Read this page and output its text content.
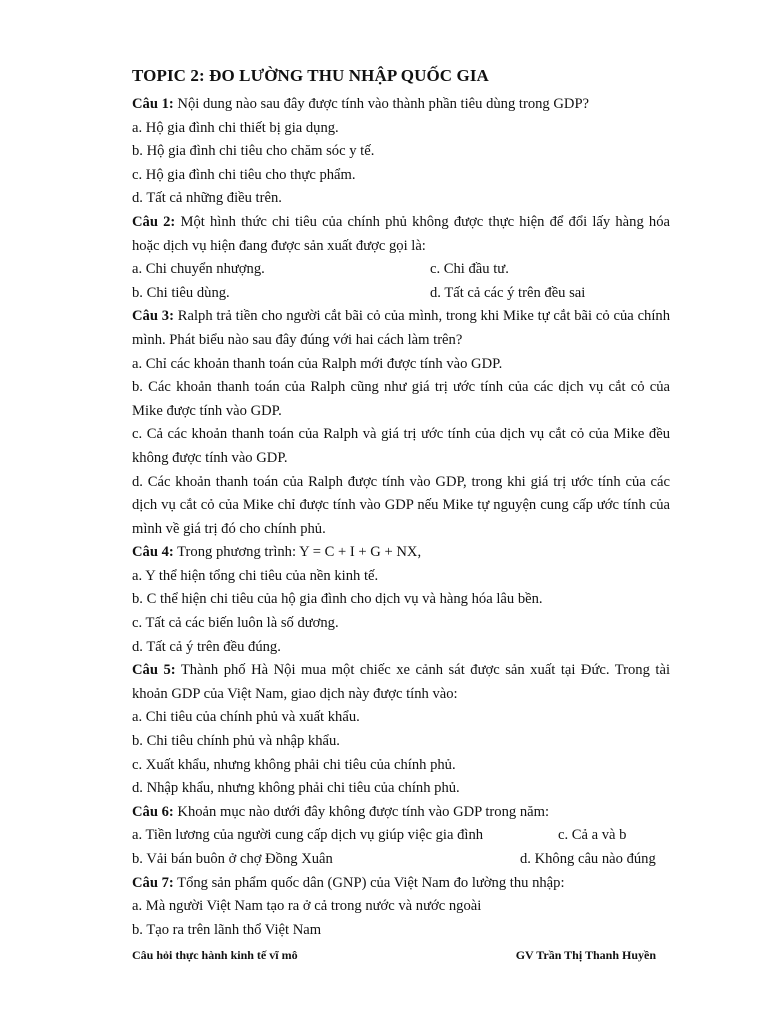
TOPIC 2: ĐO LƯỜNG THU NHẬP QUỐC GIA

Câu 1: Nội dung nào sau đây được tính vào thành phần tiêu dùng trong GDP?

a. Hộ gia đình chi thiết bị gia dụng.

b. Hộ gia đình chi tiêu cho chăm sóc y tế.

c. Hộ gia đình chi tiêu cho thực phẩm.

d. Tất cả những điều trên.

Câu 2: Một hình thức chi tiêu của chính phủ không được thực hiện để đổi lấy hàng hóa hoặc dịch vụ hiện đang được sản xuất được gọi là:

a. Chi chuyển nhượng.	c. Chi đầu tư.
b. Chi tiêu dùng.	d. Tất cả các ý trên đều sai

Câu 3: Ralph trả tiền cho người cắt bãi cỏ của mình, trong khi Mike tự cắt bãi cỏ của chính mình. Phát biểu nào sau đây đúng với hai cách làm trên?

a. Chỉ các khoản thanh toán của Ralph mới được tính vào GDP.

b. Các khoản thanh toán của Ralph cũng như giá trị ước tính của các dịch vụ cắt cỏ của Mike được tính vào GDP.

c. Cả các khoản thanh toán của Ralph và giá trị ước tính của dịch vụ cắt cỏ của Mike đều không được tính vào GDP.

d. Các khoản thanh toán của Ralph được tính vào GDP, trong khi giá trị ước tính của các dịch vụ cắt cỏ của Mike chỉ được tính vào GDP nếu Mike tự nguyện cung cấp ước tính của mình về giá trị đó cho chính phủ.

Câu 4: Trong phương trình: Y = C + I + G + NX,

a. Y thể hiện tổng chi tiêu của nền kinh tế.

b. C thể hiện chi tiêu của hộ gia đình cho dịch vụ và hàng hóa lâu bền.

c. Tất cả các biến luôn là số dương.

d. Tất cả ý trên đều đúng.

Câu 5: Thành phố Hà Nội mua một chiếc xe cảnh sát được sản xuất tại Đức. Trong tài khoản GDP của Việt Nam, giao dịch này được tính vào:

a. Chi tiêu của chính phủ và xuất khẩu.

b. Chi tiêu chính phủ và nhập khẩu.

c. Xuất khẩu, nhưng không phải chi tiêu của chính phủ.

d. Nhập khẩu, nhưng không phải chi tiêu của chính phủ.

Câu 6: Khoản mục nào dưới đây không được tính vào GDP trong năm:

a. Tiền lương của người cung cấp dịch vụ giúp việc gia đình	c. Cả a và b
b. Vải bán buôn ở chợ Đồng Xuân	d. Không câu nào đúng

Câu 7: Tổng sản phẩm quốc dân (GNP) của Việt Nam đo lường thu nhập:

a. Mà người Việt Nam tạo ra ở cả trong nước và nước ngoài

b. Tạo ra trên lãnh thổ Việt Nam

Câu hỏi thực hành kinh tế vĩ mô	GV Trần Thị Thanh Huyền
